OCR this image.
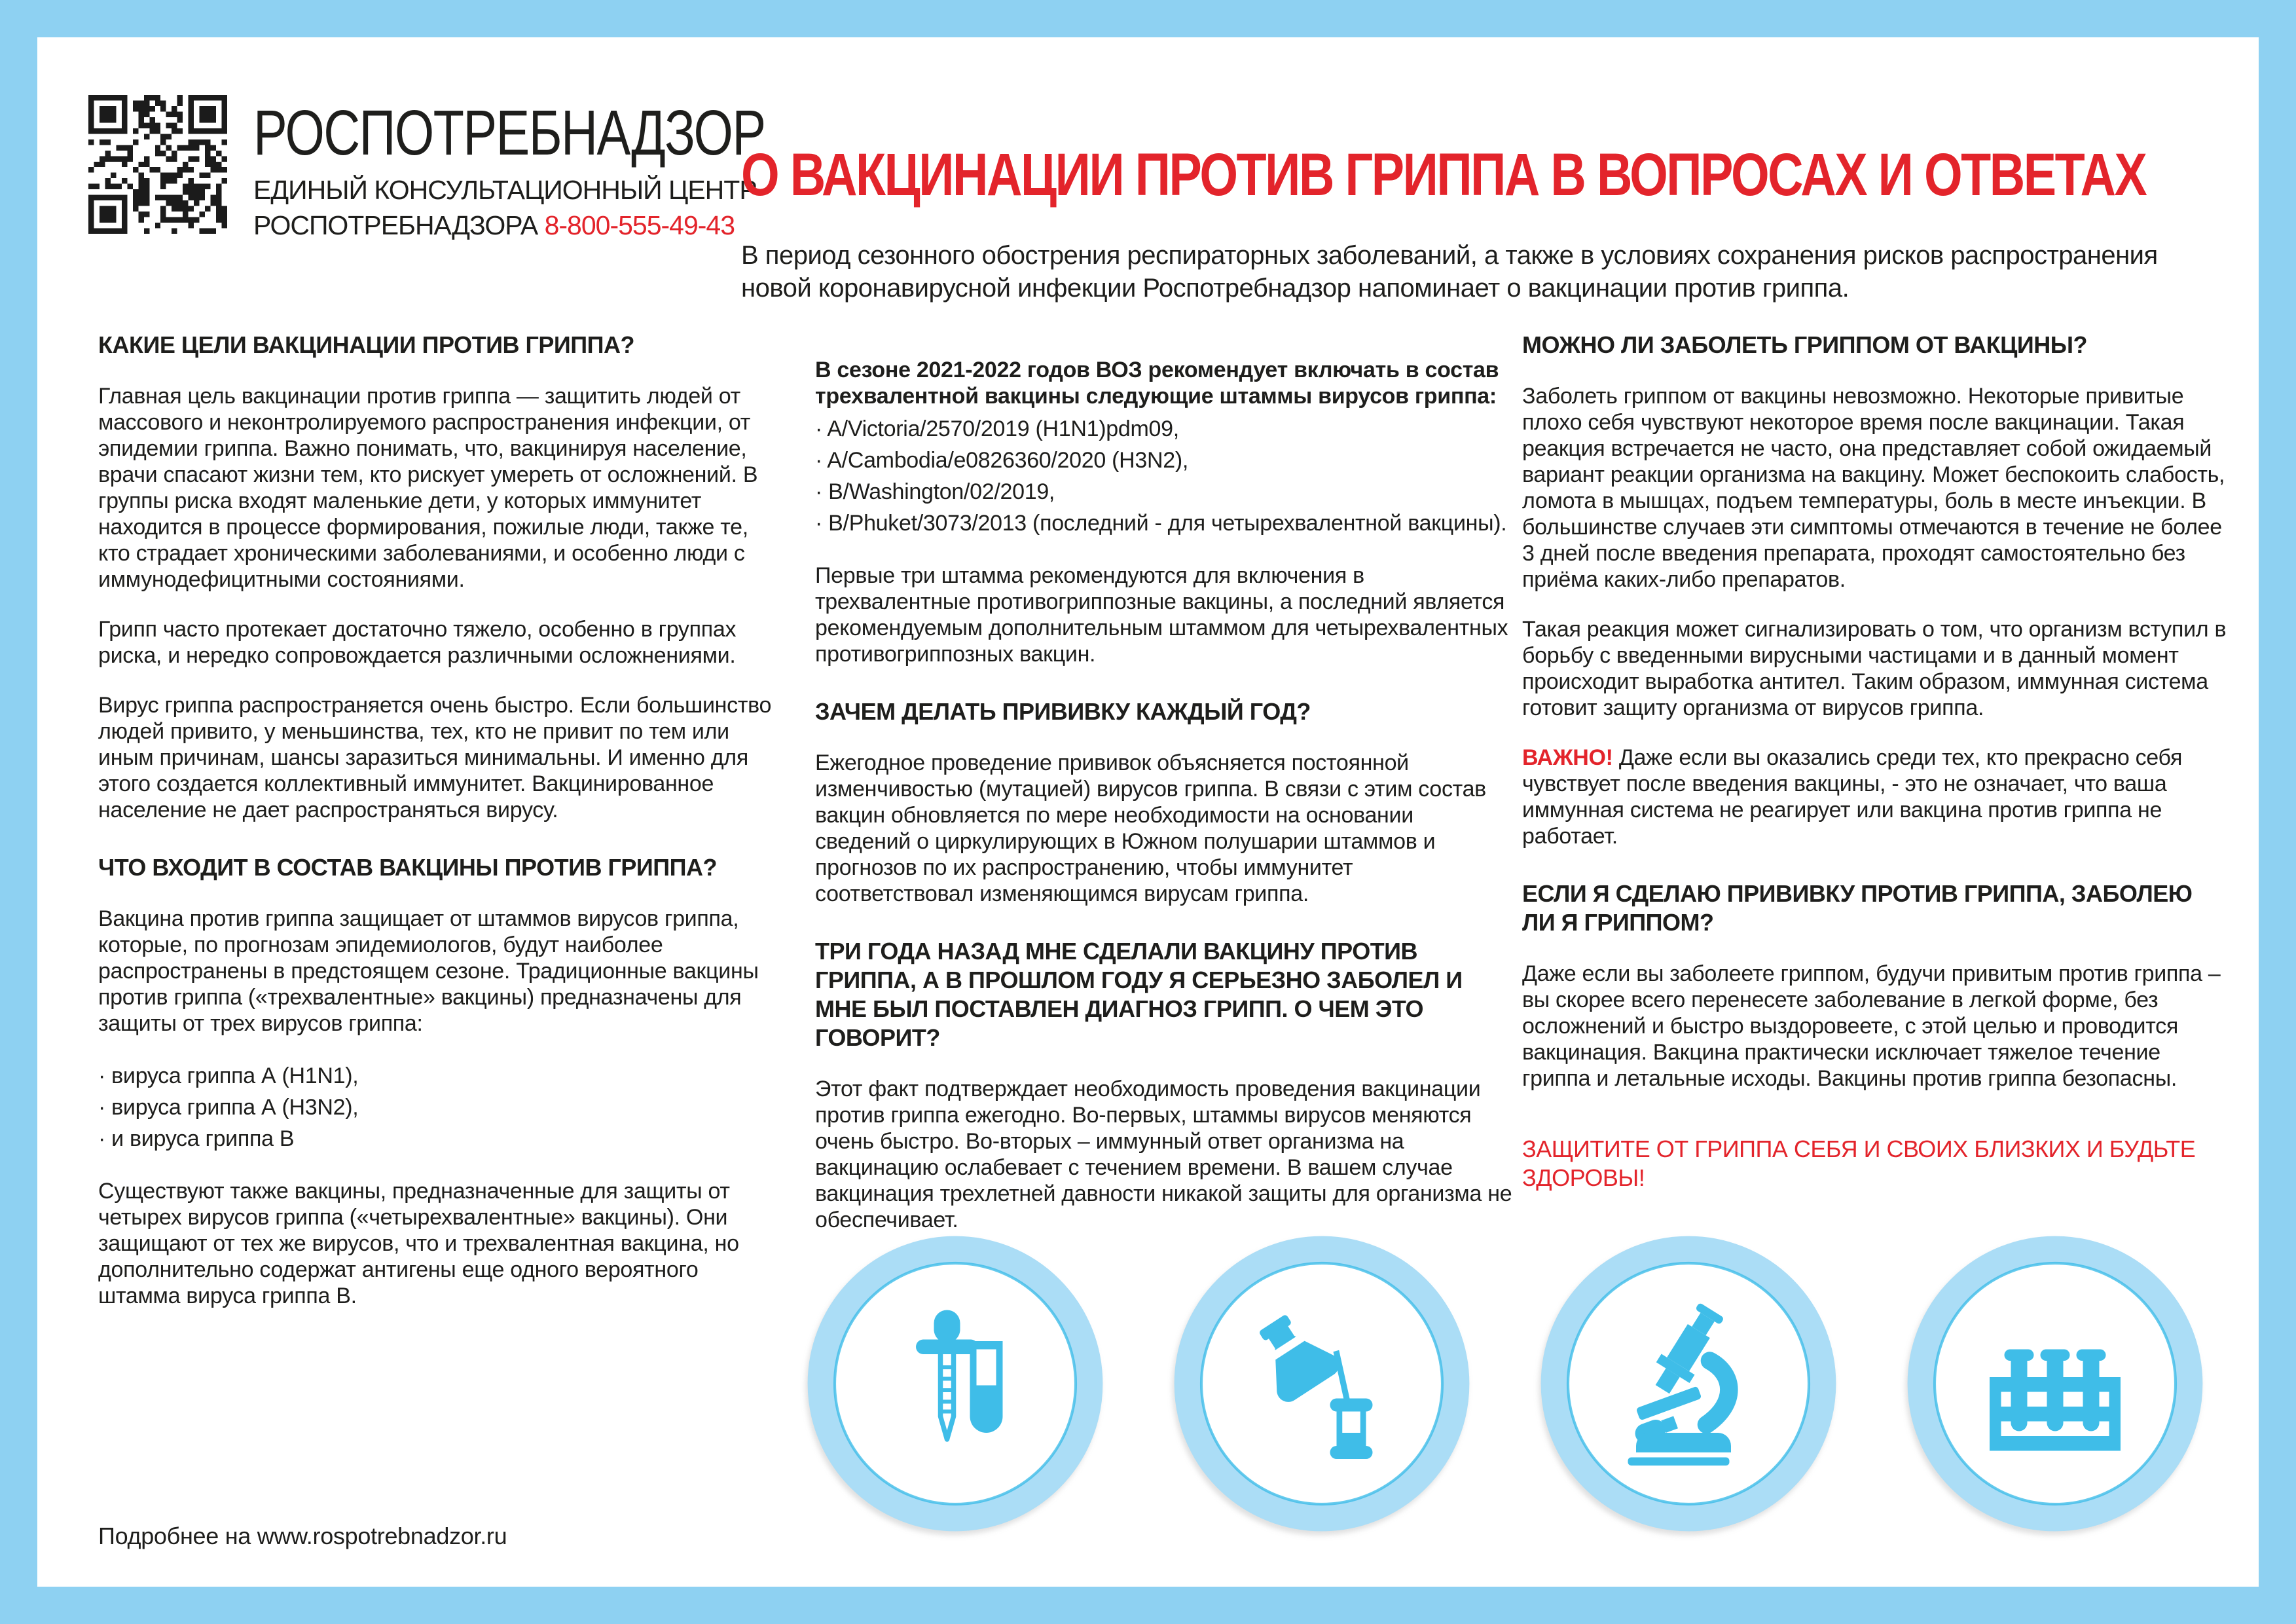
РОСПОТРЕБНАДЗОР
ЕДИНЫЙ КОНСУЛЬТАЦИОННЫЙ ЦЕНТР
РОСПОТРЕБНАДЗОРА 8-800-555-49-43
О ВАКЦИНАЦИИ ПРОТИВ ГРИППА В ВОПРОСАХ И ОТВЕТАХ
В период сезонного обострения респираторных заболеваний, а также в условиях сохранения рисков распространения новой коронавирусной инфекции Роспотребнадзор напоминает о вакцинации против гриппа.
КАКИЕ ЦЕЛИ ВАКЦИНАЦИИ ПРОТИВ ГРИППА?

Главная цель вакцинации против гриппа — защитить людей от массового и неконтролируемого распространения инфекции, от эпидемии гриппа. Важно понимать, что, вакцинируя население, врачи спасают жизни тем, кто рискует умереть от осложнений. В группы риска входят маленькие дети, у которых иммунитет находится в процессе формирования, пожилые люди, также те, кто страдает хроническими заболеваниями, и особенно люди с иммунодефицитными состояниями.

Грипп часто протекает достаточно тяжело, особенно в группах риска, и нередко сопровождается различными осложнениями.

Вирус гриппа распространяется очень быстро. Если большинство людей привито, у меньшинства, тех, кто не привит по тем или иным причинам, шансы заразиться минимальны. И именно для этого создается коллективный иммунитет. Вакцинированное население не дает распространяться вирусу.

ЧТО ВХОДИТ В СОСТАВ ВАКЦИНЫ ПРОТИВ ГРИППА?

Вакцина против гриппа защищает от штаммов вирусов гриппа, которые, по прогнозам эпидемиологов, будут наиболее распространены в предстоящем сезоне. Традиционные вакцины против гриппа («трехвалентные» вакцины) предназначены для защиты от трех вирусов гриппа:

· вируса гриппа А (H1N1),
· вируса гриппа А (H3N2),
· и вируса гриппа В

Существуют также вакцины, предназначенные для защиты от четырех вирусов гриппа («четырехвалентные» вакцины). Они защищают от тех же вирусов, что и трехвалентная вакцина, но дополнительно содержат антигены еще одного вероятного штамма вируса гриппа В.

В сезоне 2021-2022 годов ВОЗ рекомендует включать в состав трехвалентной вакцины следующие штаммы вирусов гриппа:

· A/Victoria/2570/2019 (H1N1)pdm09,
· A/Cambodia/e0826360/2020 (H3N2),
· B/Washington/02/2019,
· B/Phuket/3073/2013 (последний - для четырехвалентной вакцины).

Первые три штамма рекомендуются для включения в трехвалентные противогриппозные вакцины, а последний является рекомендуемым дополнительным штаммом для четырехвалентных противогриппозных вакцин.

ЗАЧЕМ ДЕЛАТЬ ПРИВИВКУ КАЖДЫЙ ГОД?

Ежегодное проведение прививок объясняется постоянной изменчивостью (мутацией) вирусов гриппа. В связи с этим состав вакцин обновляется по мере необходимости на основании сведений о циркулирующих в Южном полушарии штаммов и прогнозов по их распространению, чтобы иммунитет соответствовал изменяющимся вирусам гриппа.

ТРИ ГОДА НАЗАД МНЕ СДЕЛАЛИ ВАКЦИНУ ПРОТИВ ГРИППА, А В ПРОШЛОМ ГОДУ Я СЕРЬЕЗНО ЗАБОЛЕЛ И МНЕ БЫЛ ПОСТАВЛЕН ДИАГНОЗ ГРИПП. О ЧЕМ ЭТО ГОВОРИТ?

Этот факт подтверждает необходимость проведения вакцинации против гриппа ежегодно. Во-первых, штаммы вирусов меняются очень быстро. Во-вторых – иммунный ответ организма на вакцинацию ослабевает с течением времени. В вашем случае вакцинация трехлетней давности никакой защиты для организма не обеспечивает.

МОЖНО ЛИ ЗАБОЛЕТЬ ГРИППОМ ОТ ВАКЦИНЫ?

Заболеть гриппом от вакцины невозможно. Некоторые привитые плохо себя чувствуют некоторое время после вакцинации. Такая реакция встречается не часто, она представляет собой ожидаемый вариант реакции организма на вакцину. Может беспокоить слабость, ломота в мышцах, подъем температуры, боль в месте инъекции. В большинстве случаев эти симптомы отмечаются в течение не более 3 дней после введения препарата, проходят самостоятельно без приёма каких-либо препаратов.

Такая реакция может сигнализировать о том, что организм вступил в борьбу с введенными вирусными частицами и в данный момент происходит выработка антител. Таким образом, иммунная система готовит защиту организма от вирусов гриппа.

ВАЖНО! Даже если вы оказались среди тех, кто прекрасно себя чувствует после введения вакцины, - это не означает, что ваша иммунная система не реагирует или вакцина против гриппа не работает.

ЕСЛИ Я СДЕЛАЮ ПРИВИВКУ ПРОТИВ ГРИППА, ЗАБОЛЕЮ ЛИ Я ГРИППОМ?

Даже если вы заболеете гриппом, будучи привитым против гриппа – вы скорее всего перенесете заболевание в легкой форме, без осложнений и быстро выздоровеете, с этой целью и проводится вакцинация. Вакцина практически исключает тяжелое течение гриппа и летальные исходы. Вакцины против гриппа безопасны.

ЗАЩИТИТЕ ОТ ГРИППА СЕБЯ И СВОИХ БЛИЗКИХ И БУДЬТЕ ЗДОРОВЫ!
Подробнее на www.rospotrebnadzor.ru
